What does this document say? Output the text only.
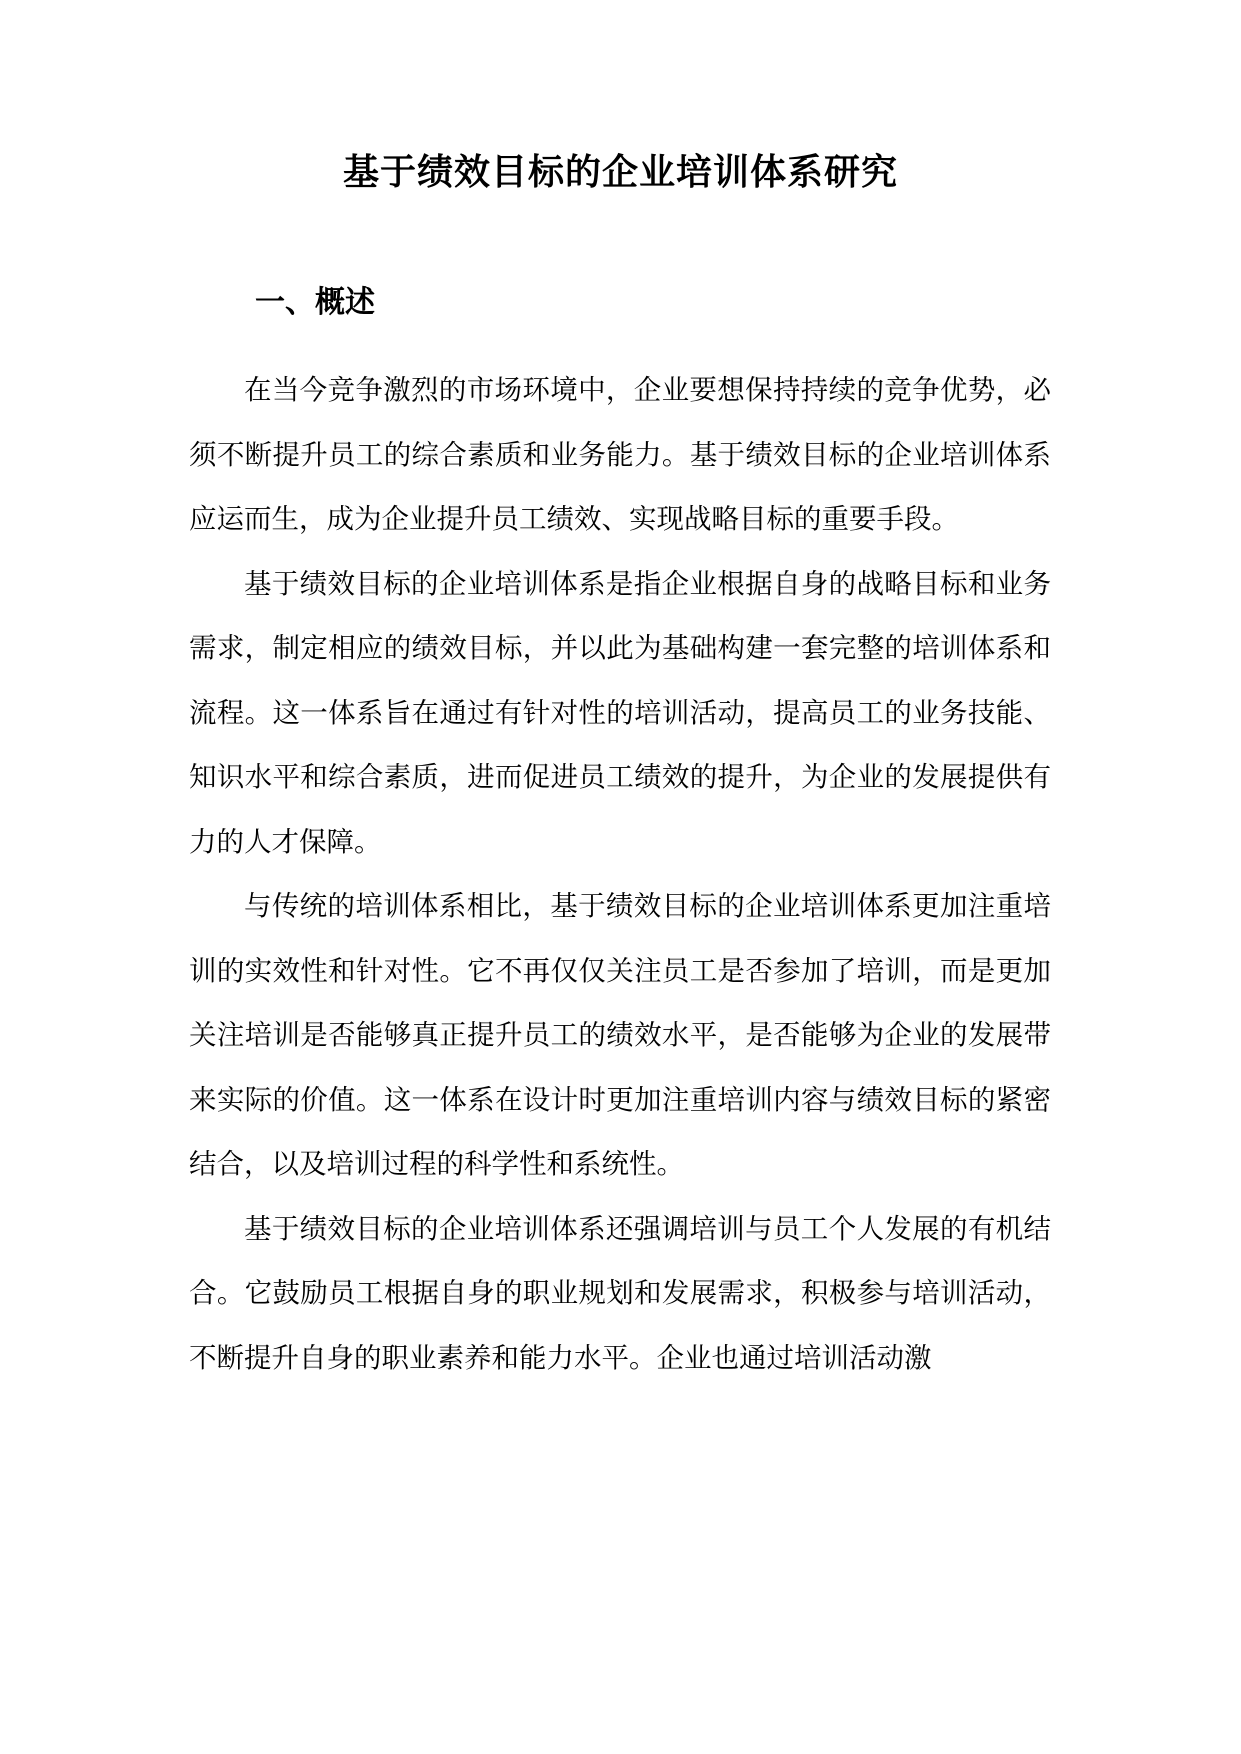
基于绩效目标的企业培训体系研究
一、概述

在当今竞争激烈的市场环境中，企业要想保持持续的竞争优势，必须不断提升员工的综合素质和业务能力。基于绩效目标的企业培训体系应运而生，成为企业提升员工绩效、实现战略目标的重要手段。

基于绩效目标的企业培训体系是指企业根据自身的战略目标和业务需求，制定相应的绩效目标，并以此为基础构建一套完整的培训体系和流程。这一体系旨在通过有针对性的培训活动，提高员工的业务技能、知识水平和综合素质，进而促进员工绩效的提升，为企业的发展提供有力的人才保障。

与传统的培训体系相比，基于绩效目标的企业培训体系更加注重培训的实效性和针对性。它不再仅仅关注员工是否参加了培训，而是更加关注培训是否能够真正提升员工的绩效水平，是否能够为企业的发展带来实际的价值。这一体系在设计时更加注重培训内容与绩效目标的紧密结合，以及培训过程的科学性和系统性。

基于绩效目标的企业培训体系还强调培训与员工个人发展的有机结合。它鼓励员工根据自身的职业规划和发展需求，积极参与培训活动，不断提升自身的职业素养和能力水平。企业也通过培训活动激
